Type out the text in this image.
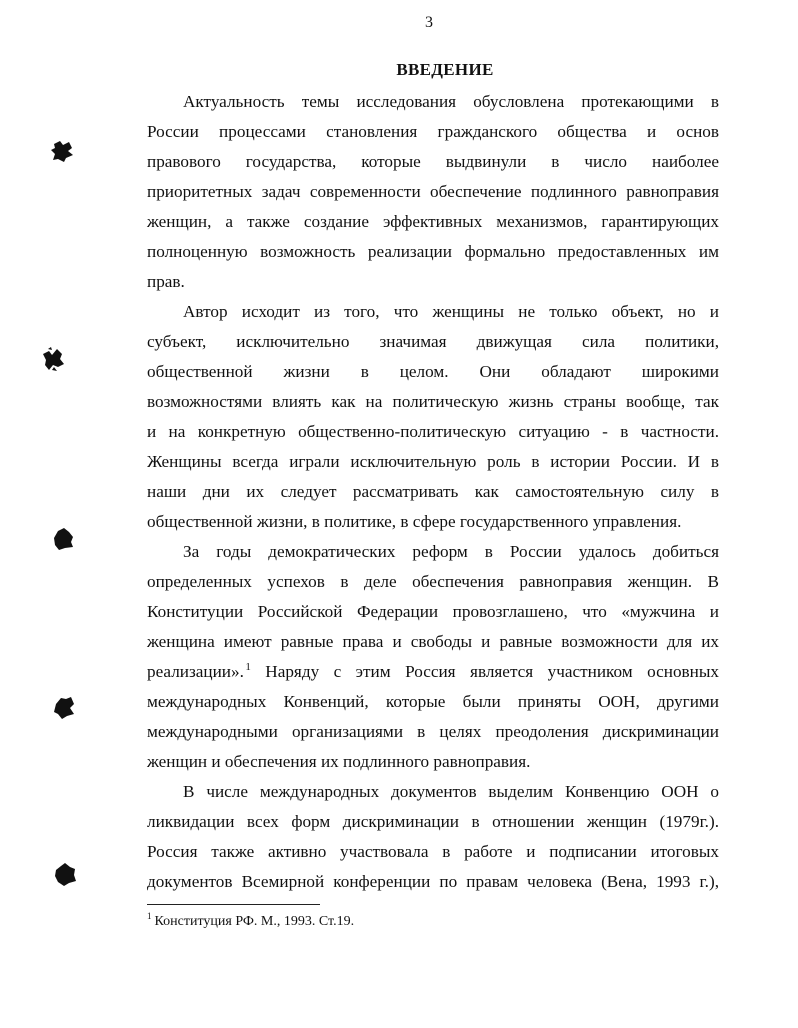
3
ВВЕДЕНИЕ
Актуальность темы исследования обусловлена протекающими в
России процессами становления гражданского общества и основ
правового государства, которые выдвинули в число наиболее
приоритетных задач современности обеспечение подлинного равноправия
женщин, а также создание эффективных механизмов, гарантирующих
полноценную возможность реализации формально предоставленных им
прав.
Автор исходит из того, что женщины не только объект, но и
субъект, исключительно значимая движущая сила политики,
общественной жизни в целом. Они обладают широкими
возможностями влиять как на политическую жизнь страны вообще, так
и на конкретную общественно-политическую ситуацию - в частности.
Женщины всегда играли исключительную роль в истории России. И в
наши дни их следует рассматривать как самостоятельную силу в
общественной жизни, в политике, в сфере государственного управления.
За годы демократических реформ в России удалось добиться
определенных успехов в деле обеспечения равноправия женщин. В
Конституции Российской Федерации провозглашено, что «мужчина и
женщина имеют равные права и свободы и равные возможности для их
реализации». $^1$ Наряду с этим Россия является участником основных
международных Конвенций, которые были приняты ООН, другими
международными организациями в целях преодоления дискриминации
женщин и обеспечения их подлинного равноправия.
В числе международных документов выделим Конвенцию ООН о
ликвидации всех форм дискриминации в отношении женщин (1979г.).
Россия также активно участвовала в работе и подписании итоговых
документов Всемирной конференции по правам человека (Вена, 1993 г.),
$^1$ Конституция РФ. М., 1993. Ст.19.
